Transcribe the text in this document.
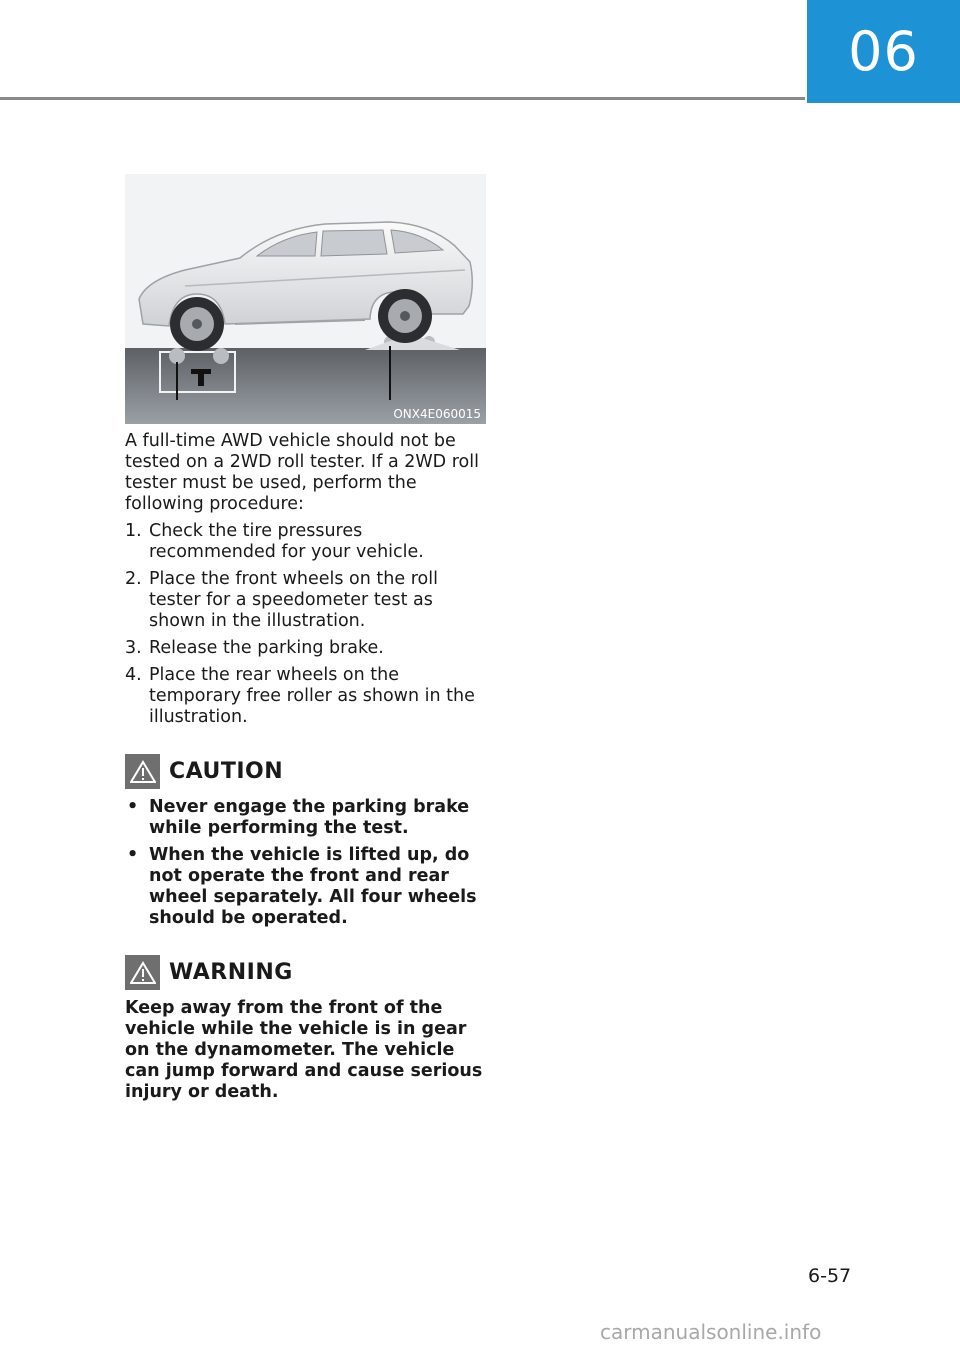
06
ONX4E060015

A full-time AWD vehicle should not be tested on a 2WD roll tester. If a 2WD roll tester must be used, perform the following procedure:

1. Check the tire pressures recommended for your vehicle.
2. Place the front wheels on the roll tester for a speedometer test as shown in the illustration.
3. Release the parking brake.
4. Place the rear wheels on the temporary free roller as shown in the illustration.
CAUTION
• Never engage the parking brake while performing the test.
• When the vehicle is lifted up, do not operate the front and rear wheel separately. All four wheels should be operated.
WARNING

Keep away from the front of the vehicle while the vehicle is in gear on the dynamometer. The vehicle can jump forward and cause serious injury or death.

6-57
carmanualsonline.info
